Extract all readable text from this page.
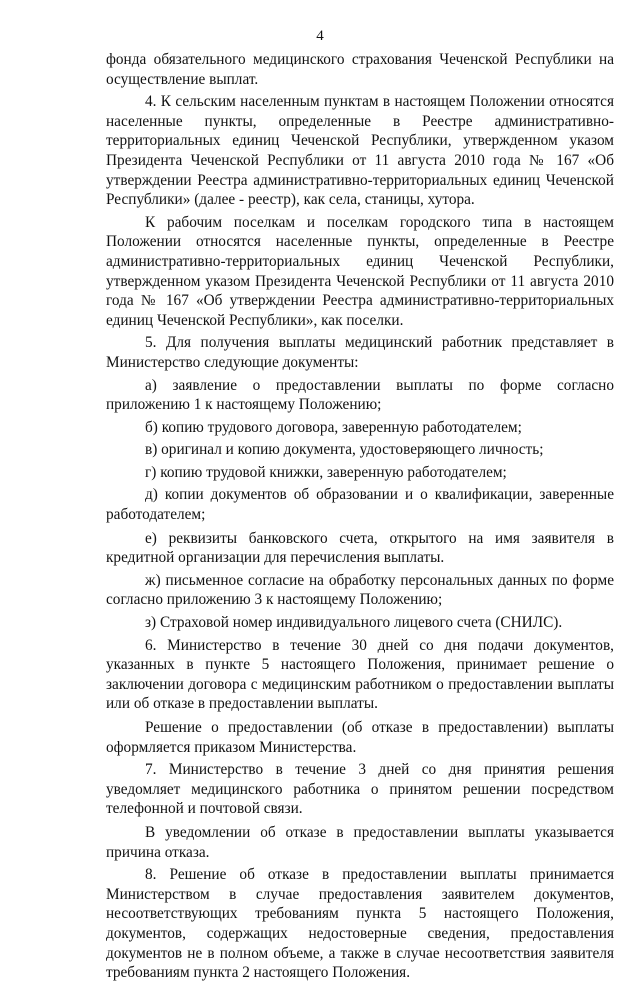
4

фонда обязательного медицинского страхования Чеченской Республики на осуществление выплат.

4. К сельским населенным пунктам в настоящем Положении относятся населенные пункты, определенные в Реестре административно-территориальных единиц Чеченской Республики, утвержденном указом Президента Чеченской Республики от 11 августа 2010 года № 167 «Об утверждении Реестра административно-территориальных единиц Чеченской Республики» (далее - реестр), как села, станицы, хутора.

К рабочим поселкам и поселкам городского типа в настоящем Положении относятся населенные пункты, определенные в Реестре административно-территориальных единиц Чеченской Республики, утвержденном указом Президента Чеченской Республики от 11 августа 2010 года № 167 «Об утверждении Реестра административно-территориальных единиц Чеченской Республики», как поселки.

5. Для получения выплаты медицинский работник представляет в Министерство следующие документы:

а) заявление о предоставлении выплаты по форме согласно приложению 1 к настоящему Положению;

б) копию трудового договора, заверенную работодателем;

в) оригинал и копию документа, удостоверяющего личность;

г) копию трудовой книжки, заверенную работодателем;

д) копии документов об образовании и о квалификации, заверенные работодателем;

е) реквизиты банковского счета, открытого на имя заявителя в кредитной организации для перечисления выплаты.

ж) письменное согласие на обработку персональных данных по форме согласно приложению 3 к настоящему Положению;

з) Страховой номер индивидуального лицевого счета (СНИЛС).

6. Министерство в течение 30 дней со дня подачи документов, указанных в пункте 5 настоящего Положения, принимает решение о заключении договора с медицинским работником о предоставлении выплаты или об отказе в предоставлении выплаты.

Решение о предоставлении (об отказе в предоставлении) выплаты оформляется приказом Министерства.

7. Министерство в течение 3 дней со дня принятия решения уведомляет медицинского работника о принятом решении посредством телефонной и почтовой связи.

В уведомлении об отказе в предоставлении выплаты указывается причина отказа.

8. Решение об отказе в предоставлении выплаты принимается Министерством в случае предоставления заявителем документов, несоответствующих требованиям пункта 5 настоящего Положения, документов, содержащих недостоверные сведения, предоставления документов не в полном объеме, а также в случае несоответствия заявителя требованиям пункта 2 настоящего Положения.
